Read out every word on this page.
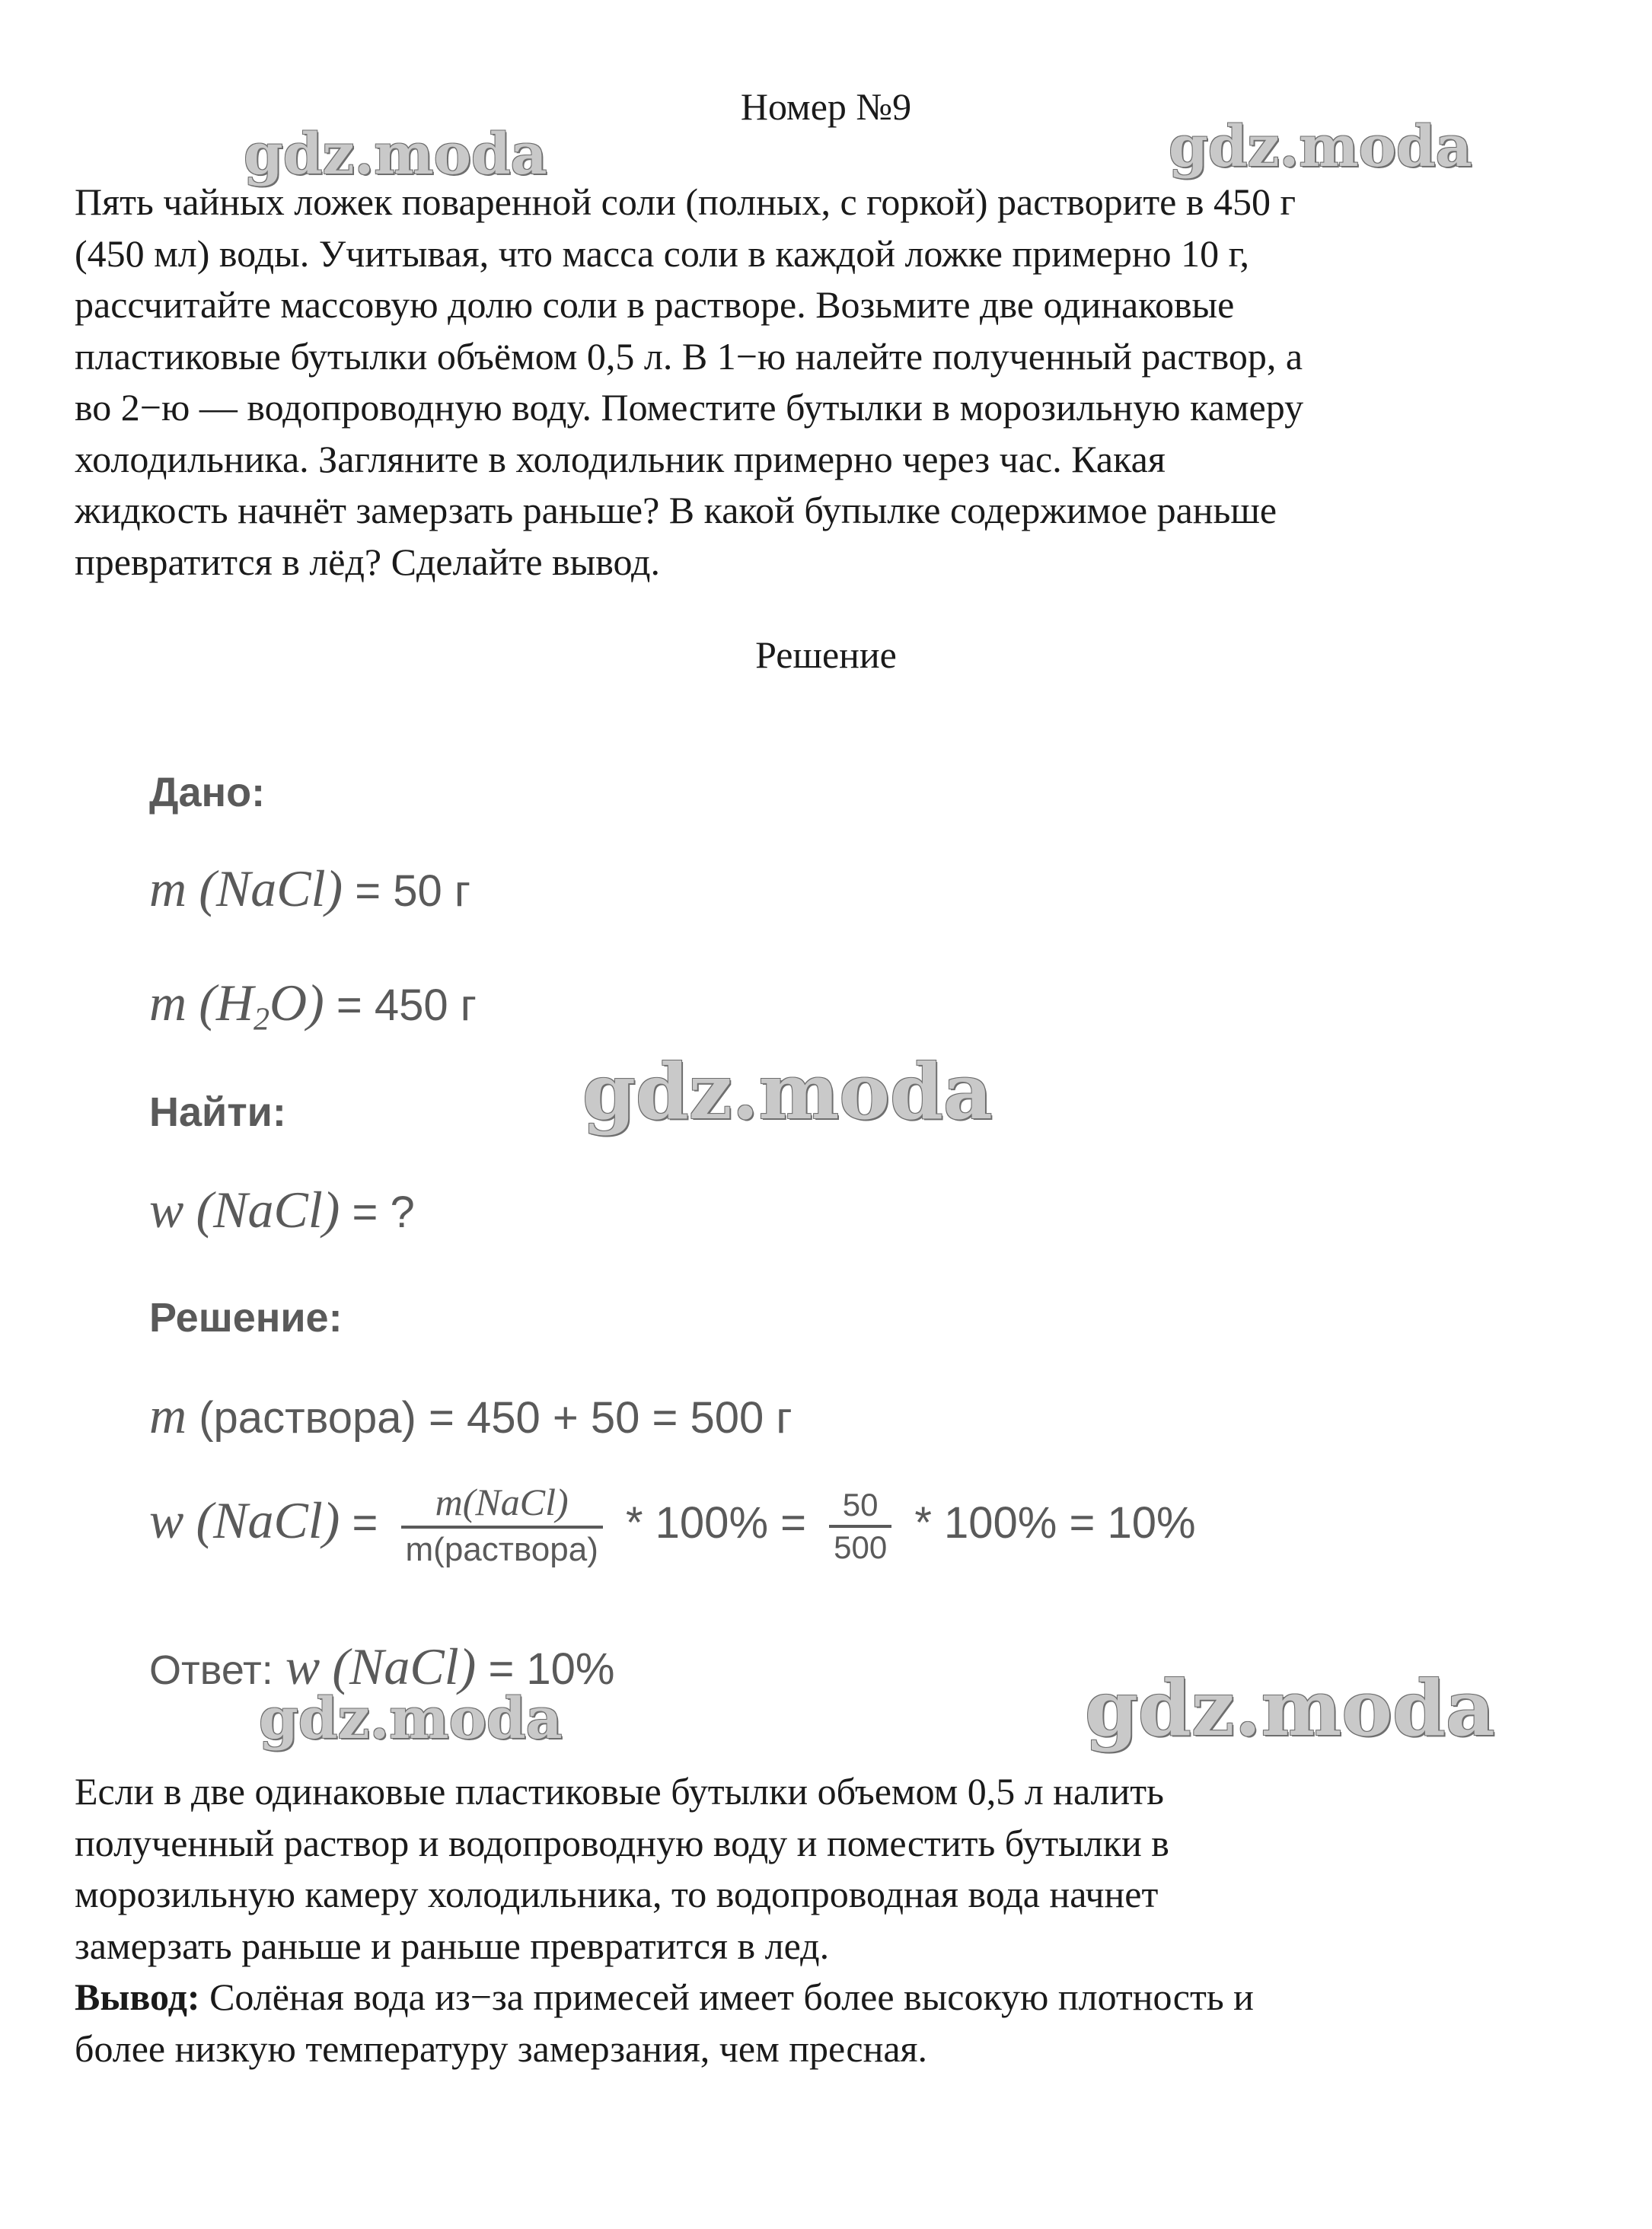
Номер №9
Пять чайных ложек поваренной соли (полных, с горкой) растворите в 450 г
(450 мл) воды. Учитывая, что масса соли в каждой ложке примерно 10 г,
рассчитайте массовую долю соли в растворе. Возьмите две одинаковые
пластиковые бутылки объёмом 0,5 л. В 1−ю налейте полученный раствор, а
во 2−ю — водопроводную воду. Поместите бутылки в морозильную камеру
холодильника. Загляните в холодильник примерно через час. Какая
жидкость начнёт замерзать раньше? В какой бупылке содержимое раньше
превратится в лёд? Сделайте вывод.
Решение
Дано:
m (NaCl) = 50 г
m $(H_2O) = 450$ г
Найти:
w (NaCl) = ?
Решение:
m (раствора) = 450 + 50 = 500 г
w (NaCl) = $\frac{\text{m(NaCl)}}{\text{m(раствора)}} * 100\% = \frac{50}{500} * 100\% = 10\%$
Ответ: w (NaCl) = 10%
Если в две одинаковые пластиковые бутылки объемом 0,5 л налить
полученный раствор и водопроводную воду и поместить бутылки в
морозильную камеру холодильника, то водопроводная вода начнет
замерзать раньше и раньше превратится в лед.
Вывод: Солёная вода из−за примесей имеет более высокую плотность и
более низкую температуру замерзания, чем пресная.
gdz.moda	gdz.moda
gdz.moda
gdz.moda	gdz.moda
